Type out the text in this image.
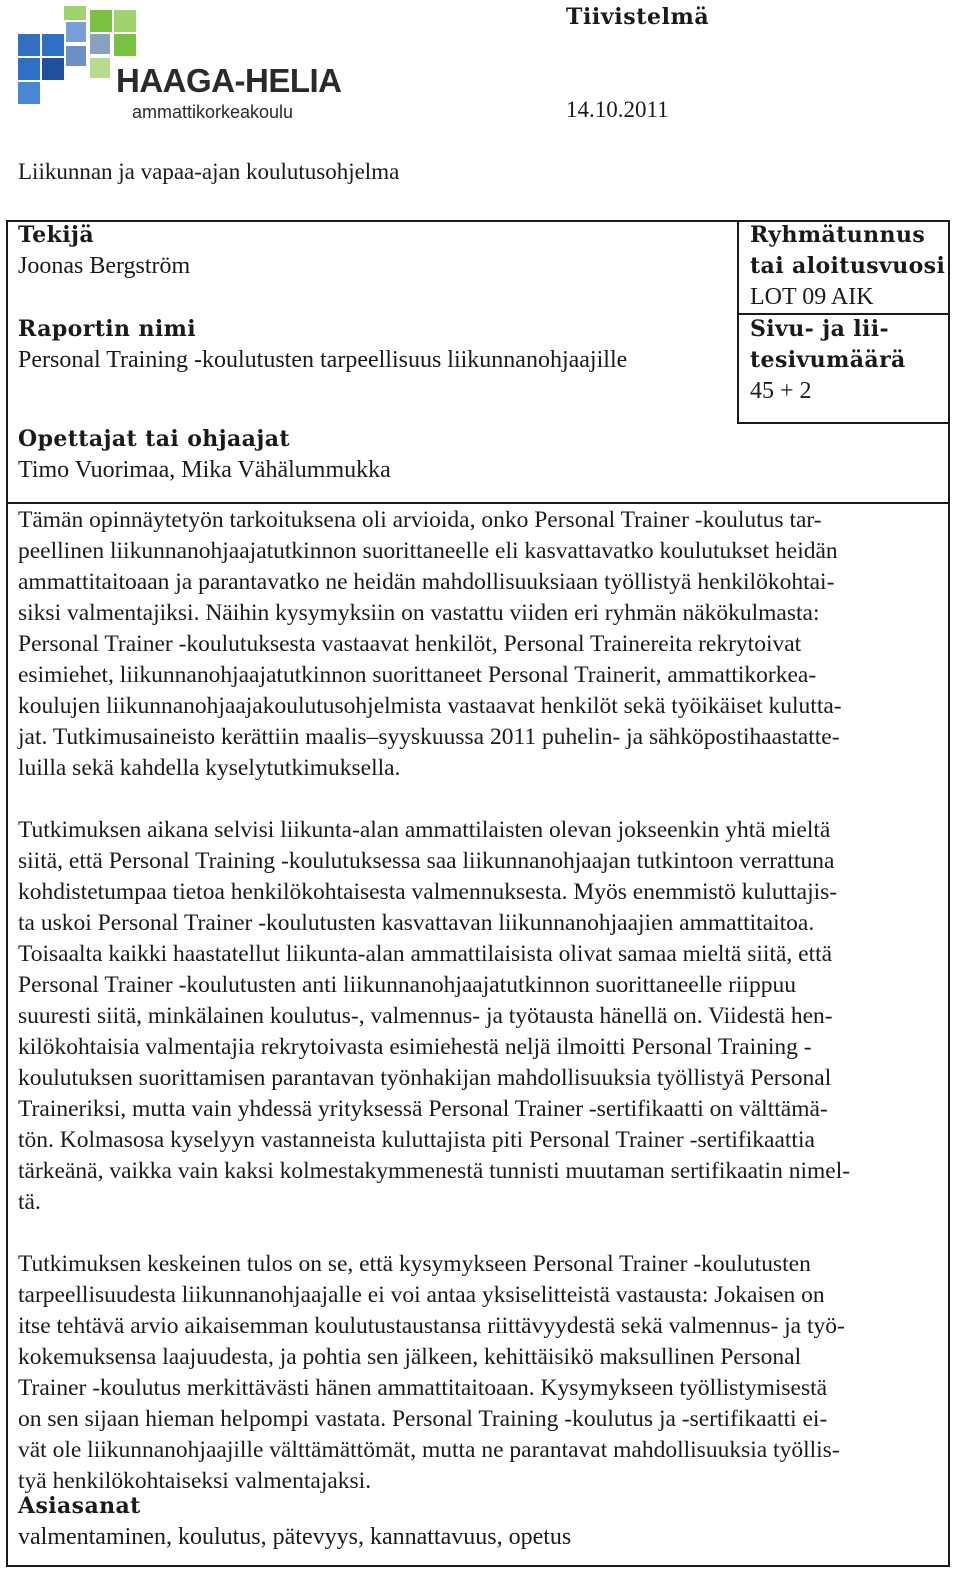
HAAGA-HELIA
ammattikorkeakoulu
Tiivistelmä
14.10.2011
Liikunnan ja vapaa-ajan koulutusohjelma
Tekijä
Joonas Bergström
Raportin nimi
Personal Training -koulutusten tarpeellisuus liikunnanohjaajille
Ryhmätunnus
tai aloitusvuosi
LOT 09 AIK
Sivu- ja lii-
tesivumäärä
45 + 2
Opettajat tai ohjaajat
Timo Vuorimaa, Mika Vähälummukka
Tämän opinnäytetyön tarkoituksena oli arvioida, onko Personal Trainer -koulutus tar-
peellinen liikunnanohjaajatutkinnon suorittaneelle eli kasvattavatko koulutukset heidän
ammattitaitoaan ja parantavatko ne heidän mahdollisuuksiaan työllistyä henkilökohtai-
siksi valmentajiksi. Näihin kysymyksiin on vastattu viiden eri ryhmän näkökulmasta:
Personal Trainer -koulutuksesta vastaavat henkilöt, Personal Trainereita rekrytoivat
esimiehet, liikunnanohjaajatutkinnon suorittaneet Personal Trainerit, ammattikorkea-
koulujen liikunnanohjaajakoulutusohjelmista vastaavat henkilöt sekä työikäiset kulutta-
jat. Tutkimusaineisto kerättiin maalis–syyskuussa 2011 puhelin- ja sähköpostihaastatte-
luilla sekä kahdella kyselytutkimuksella.
Tutkimuksen aikana selvisi liikunta-alan ammattilaisten olevan jokseenkin yhtä mieltä
siitä, että Personal Training -koulutuksessa saa liikunnanohjaajan tutkintoon verrattuna
kohdistetumpaa tietoa henkilökohtaisesta valmennuksesta. Myös enemmistö kuluttajis-
ta uskoi Personal Trainer -koulutusten kasvattavan liikunnanohjaajien ammattitaitoa.
Toisaalta kaikki haastatellut liikunta-alan ammattilaisista olivat samaa mieltä siitä, että
Personal Trainer -koulutusten anti liikunnanohjaajatutkinnon suorittaneelle riippuu
suuresti siitä, minkälainen koulutus-, valmennus- ja työtausta hänellä on. Viidestä hen-
kilökohtaisia valmentajia rekrytoivasta esimiehestä neljä ilmoitti Personal Training -
koulutuksen suorittamisen parantavan työnhakijan mahdollisuuksia työllistyä Personal
Traineriksi, mutta vain yhdessä yrityksessä Personal Trainer -sertifikaatti on välttämä-
tön. Kolmasosa kyselyyn vastanneista kuluttajista piti Personal Trainer -sertifikaattia
tärkeänä, vaikka vain kaksi kolmestakymmenestä tunnisti muutaman sertifikaatin nimel-
tä.
Tutkimuksen keskeinen tulos on se, että kysymykseen Personal Trainer -koulutusten
tarpeellisuudesta liikunnanohjaajalle ei voi antaa yksiselitteistä vastausta: Jokaisen on
itse tehtävä arvio aikaisemman koulutustaustansa riittävyydestä sekä valmennus- ja työ-
kokemuksensa laajuudesta, ja pohtia sen jälkeen, kehittäisikö maksullinen Personal
Trainer -koulutus merkittävästi hänen ammattitaitoaan. Kysymykseen työllistymisestä
on sen sijaan hieman helpompi vastata. Personal Training -koulutus ja -sertifikaatti ei-
vät ole liikunnanohjaajille välttämättömät, mutta ne parantavat mahdollisuuksia työllis-
tyä henkilökohtaiseksi valmentajaksi.
Asiasanat
valmentaminen, koulutus, pätevyys, kannattavuus, opetus
